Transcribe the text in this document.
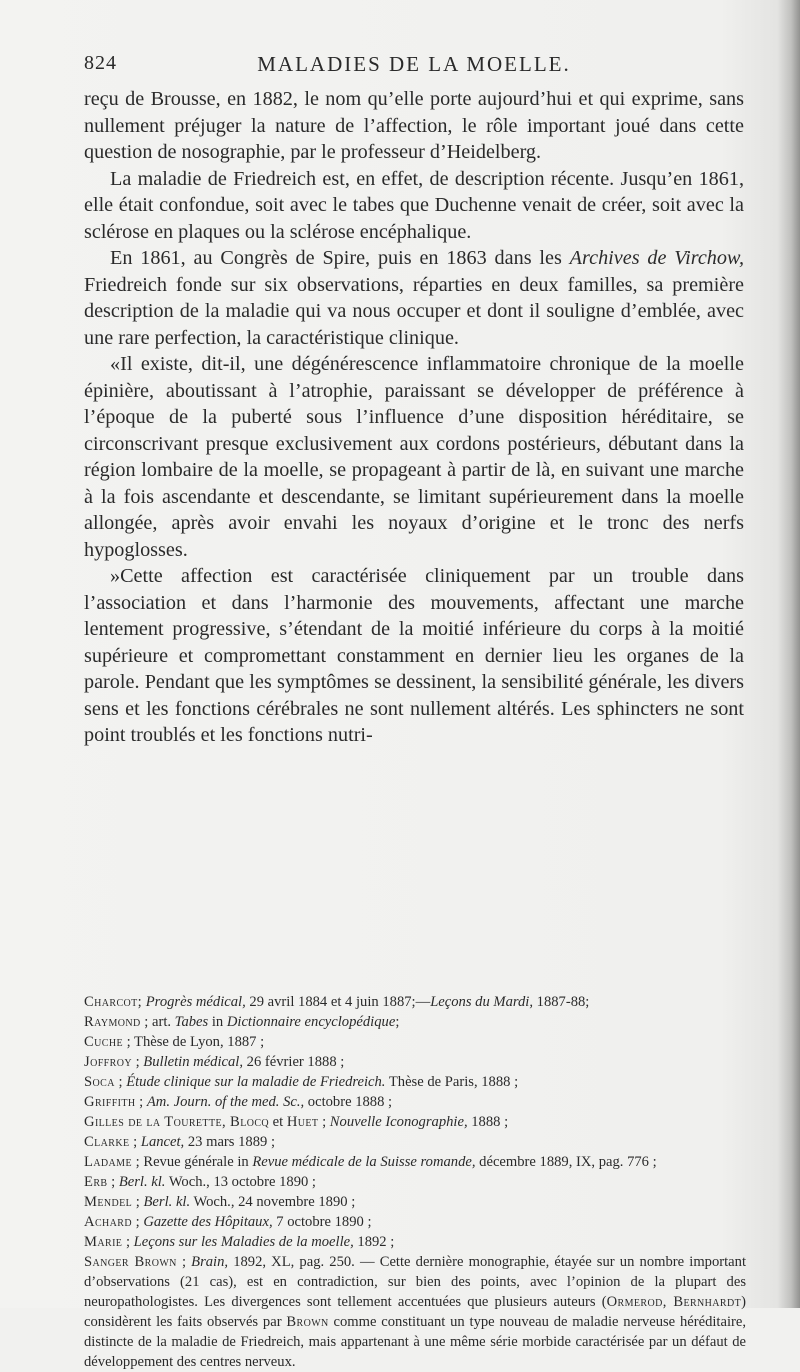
824	MALADIES DE LA MOELLE.

reçu de Brousse, en 1882, le nom qu’elle porte aujourd’hui et qui exprime, sans nullement préjuger la nature de l’affection, le rôle important joué dans cette question de nosographie, par le professeur d’Heidelberg.

La maladie de Friedreich est, en effet, de description récente. Jusqu’en 1861, elle était confondue, soit avec le tabes que Duchenne venait de créer, soit avec la sclérose en plaques ou la sclérose encéphalique.

En 1861, au Congrès de Spire, puis en 1863 dans les Archives de Virchow, Friedreich fonde sur six observations, réparties en deux familles, sa première description de la maladie qui va nous occuper et dont il souligne d’emblée, avec une rare perfection, la caractéristique clinique.

«Il existe, dit-il, une dégénérescence inflammatoire chronique de la moelle épinière, aboutissant à l’atrophie, paraissant se développer de préférence à l’époque de la puberté sous l’influence d’une disposition héréditaire, se circonscrivant presque exclusivement aux cordons postérieurs, débutant dans la région lombaire de la moelle, se propageant à partir de là, en suivant une marche à la fois ascendante et descendante, se limitant supérieurement dans la moelle allongée, après avoir envahi les noyaux d’origine et le tronc des nerfs hypoglosses.

»Cette affection est caractérisée cliniquement par un trouble dans l’association et dans l’harmonie des mouvements, affectant une marche lentement progressive, s’étendant de la moitié inférieure du corps à la moitié supérieure et compromettant constamment en dernier lieu les organes de la parole. Pendant que les symptômes se dessinent, la sensibilité générale, les divers sens et les fonctions cérébrales ne sont nullement altérés. Les sphincters ne sont point troublés et les fonctions nutri-

Charcot; Progrès médical, 29 avril 1884 et 4 juin 1887;—Leçons du Mardi, 1887-88;

Raymond ; art. Tabes in Dictionnaire encyclopédique;

Cuche ; Thèse de Lyon, 1887 ;

Joffroy ; Bulletin médical, 26 février 1888 ;

Soca ; Étude clinique sur la maladie de Friedreich. Thèse de Paris, 1888 ;

Griffith ; Am. Journ. of the med. Sc., octobre 1888 ;

Gilles de la Tourette, Blocq et Huet ; Nouvelle Iconographie, 1888 ;

Clarke ; Lancet, 23 mars 1889 ;

Ladame ; Revue générale in Revue médicale de la Suisse romande, décembre 1889, IX, pag. 776 ;

Erb ; Berl. kl. Woch., 13 octobre 1890 ;

Mendel ; Berl. kl. Woch., 24 novembre 1890 ;

Achard ; Gazette des Hôpitaux, 7 octobre 1890 ;

Marie ; Leçons sur les Maladies de la moelle, 1892 ;

Sanger Brown ; Brain, 1892, XL, pag. 250. — Cette dernière monographie, étayée sur un nombre important d’observations (21 cas), est en contradiction, sur bien des points, avec l’opinion de la plupart des neuropathologistes. Les divergences sont tellement accentuées que plusieurs auteurs (Ormerod, Bernhardt) considèrent les faits observés par Brown comme constituant un type nouveau de maladie nerveuse héréditaire, distincte de la maladie de Friedreich, mais appartenant à une même série morbide caractérisée par un défaut de développement des centres nerveux.
